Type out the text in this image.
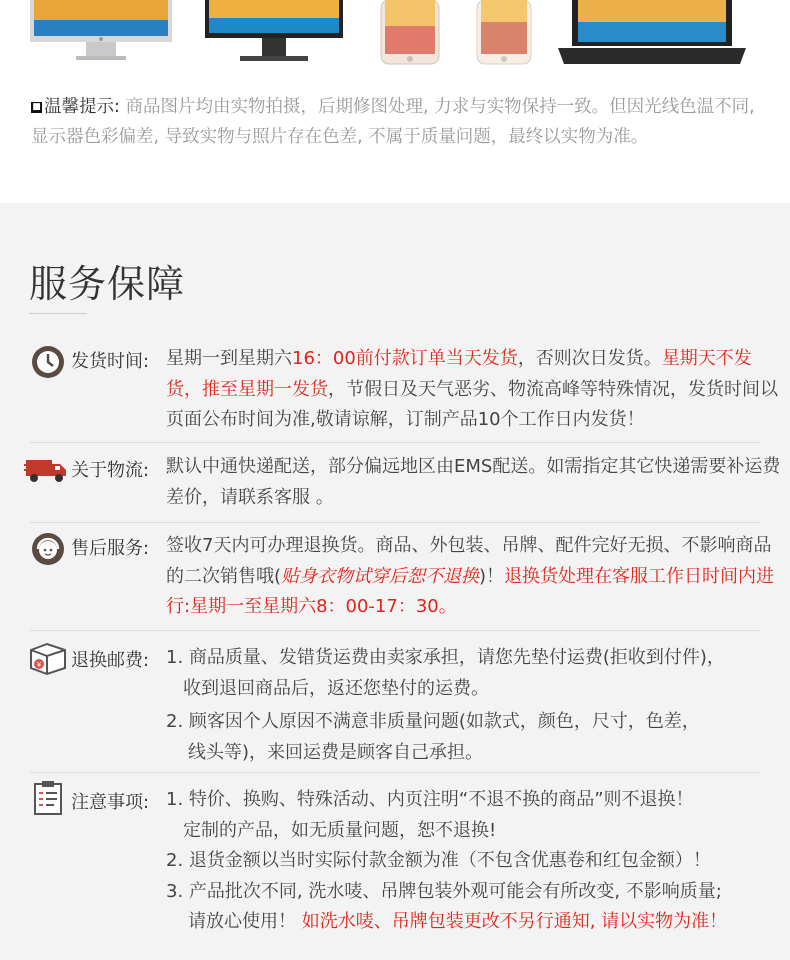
■ 温馨提示: 商品图片均由实物拍摄，后期修图处理, 力求与实物保持一致。但因光线色温不同, 显示器色彩偏差, 导致实物与照片存在色差, 不属于质量问题，最终以实物为准。
服务保障
发货时间: 星期一到星期六16：00前付款订单当天发货，否则次日发货。星期天不发货，推至星期一发货，节假日及天气恶劣、物流高峰等特殊情况，发货时间以页面公布时间为准,敬请谅解，订制产品10个工作日内发货！
关于物流: 默认中通快递配送，部分偏远地区由EMS配送。如需指定其它快递需要补运费差价，请联系客服 。
售后服务: 签收7天内可办理退换货。商品、外包装、吊牌、配件完好无损、不影响商品的二次销售哦(贴身衣物试穿后恕不退换)！退换货处理在客服工作日时间内进行:星期一至星期六8：00-17：30。
¥ 退换邮费: 1. 商品质量、发错货运费由卖家承担，请您先垫付运费(拒收到付件)，
收到退回商品后，返还您垫付的运费。
2. 顾客因个人原因不满意非质量问题(如款式，颜色，尺寸，色差，
线头等)，来回运费是顾客自己承担。
注意事项: 1. 特价、换购、特殊活动、内页注明“不退不换的商品”则不退换！
定制的产品，如无质量问题，恕不退换!
2. 退货金额以当时实际付款金额为准（不包含优惠卷和红包金额）！
3. 产品批次不同, 洗水唛、吊牌包装外观可能会有所改变, 不影响质量;
请放心使用！ 如洗水唛、吊牌包装更改不另行通知, 请以实物为准！
